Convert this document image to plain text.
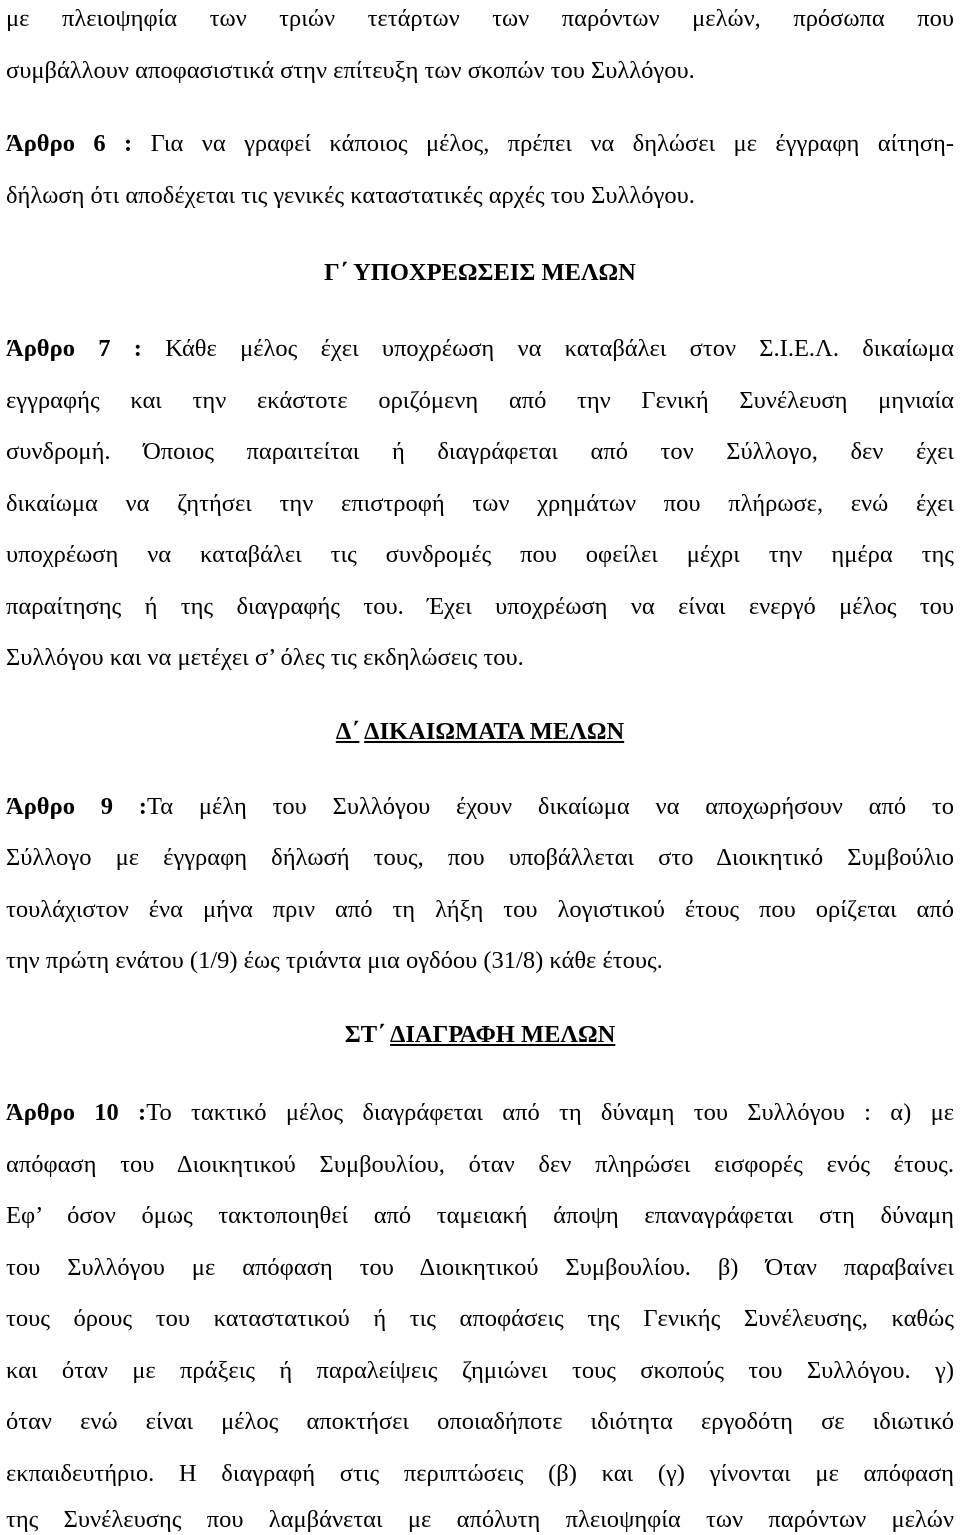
με πλειοψηφία των τριών τετάρτων των παρόντων μελών, πρόσωπα που
συμβάλλουν αποφασιστικά στην επίτευξη των σκοπών του Συλλόγου.
Άρθρο 6 : Για να γραφεί κάποιος μέλος, πρέπει να δηλώσει με έγγραφη αίτηση-
δήλωση ότι αποδέχεται τις γενικές καταστατικές αρχές του Συλλόγου.
Γ΄ ΥΠΟΧΡΕΩΣΕΙΣ ΜΕΛΩΝ
Άρθρο 7 : Κάθε μέλος έχει υποχρέωση να καταβάλει στον Σ.Ι.Ε.Λ. δικαίωμα
εγγραφής και την εκάστοτε οριζόμενη από την Γενική Συνέλευση μηνιαία
συνδρομή. Όποιος παραιτείται ή διαγράφεται από τον Σύλλογο, δεν έχει
δικαίωμα να ζητήσει την επιστροφή των χρημάτων που πλήρωσε, ενώ έχει
υποχρέωση να καταβάλει τις συνδρομές που οφείλει μέχρι την ημέρα της
παραίτησης ή της διαγραφής του. Έχει υποχρέωση να είναι ενεργό μέλος του
Συλλόγου και να μετέχει σ’ όλες τις εκδηλώσεις του.
Δ΄ ΔΙΚΑΙΩΜΑΤΑ ΜΕΛΩΝ
Άρθρο 9 :Τα μέλη του Συλλόγου έχουν δικαίωμα να αποχωρήσουν από το
Σύλλογο με έγγραφη δήλωσή τους, που υποβάλλεται στο Διοικητικό Συμβούλιο
τουλάχιστον ένα μήνα πριν από τη λήξη του λογιστικού έτους που ορίζεται από
την πρώτη ενάτου (1/9) έως τριάντα μια ογδόου (31/8) κάθε έτους.
ΣΤ΄ ΔΙΑΓΡΑΦΗ ΜΕΛΩΝ
Άρθρο 10 :Το τακτικό μέλος διαγράφεται από τη δύναμη του Συλλόγου : α) με
απόφαση του Διοικητικού Συμβουλίου, όταν δεν πληρώσει εισφορές ενός έτους.
Εφ’ όσον όμως τακτοποιηθεί από ταμειακή άποψη επαναγράφεται στη δύναμη
του Συλλόγου με απόφαση του Διοικητικού Συμβουλίου. β) Όταν παραβαίνει
τους όρους του καταστατικού ή τις αποφάσεις της Γενικής Συνέλευσης, καθώς
και όταν με πράξεις ή παραλείψεις ζημιώνει τους σκοπούς του Συλλόγου. γ)
όταν ενώ είναι μέλος αποκτήσει οποιαδήποτε ιδιότητα εργοδότη σε ιδιωτικό
εκπαιδευτήριο. Η διαγραφή στις περιπτώσεις (β) και (γ) γίνονται με απόφαση
της Συνέλευσης που λαμβάνεται με απόλυτη πλειοψηφία των παρόντων μελών
